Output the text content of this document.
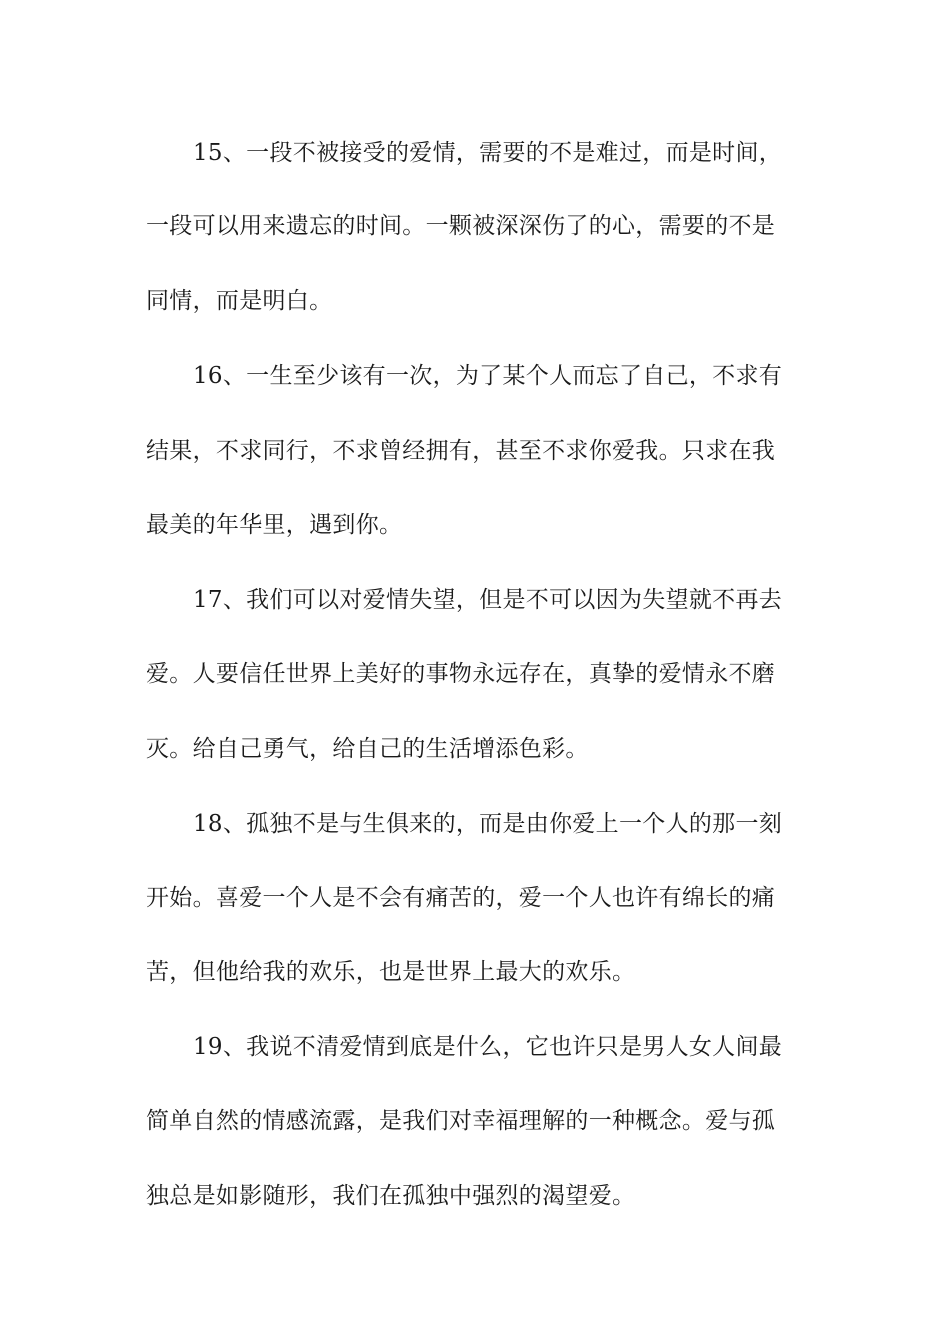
15、一段不被接受的爱情，需要的不是难过，而是时间，
一段可以用来遗忘的时间。一颗被深深伤了的心，需要的不是
同情，而是明白。
16、一生至少该有一次，为了某个人而忘了自己，不求有
结果，不求同行，不求曾经拥有，甚至不求你爱我。只求在我
最美的年华里，遇到你。
17、我们可以对爱情失望，但是不可以因为失望就不再去
爱。人要信任世界上美好的事物永远存在，真挚的爱情永不磨
灭。给自己勇气，给自己的生活增添色彩。
18、孤独不是与生俱来的，而是由你爱上一个人的那一刻
开始。喜爱一个人是不会有痛苦的，爱一个人也许有绵长的痛
苦，但他给我的欢乐，也是世界上最大的欢乐。
19、我说不清爱情到底是什么，它也许只是男人女人间最
简单自然的情感流露，是我们对幸福理解的一种概念。爱与孤
独总是如影随形，我们在孤独中强烈的渴望爱。
